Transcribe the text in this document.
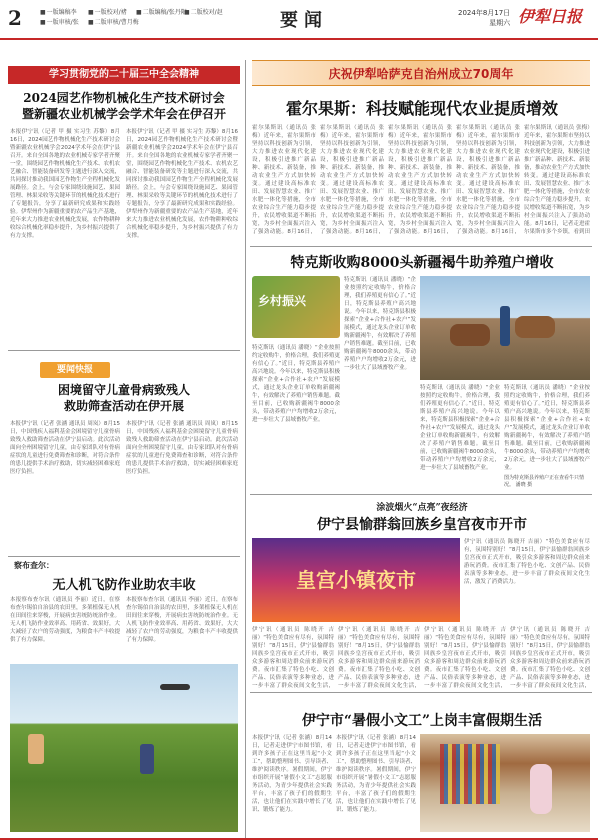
2	■ 一版编稿李	■ 一版校对/褚	■ 二版编稿/张丹阳 ■ 二版校对/赵
■ 一版审核/张	■ 二版审核/曹月梅	要闻	2024年8月17日
星期六 伊犁日报
学习贯彻党的二十届三中全会精神	庆祝伊犁哈萨克自治州成立70周年
2024园艺作物机械化生产技术研讨会
暨新疆农业机械学会学术年会在伊召开
本报伊宁讯（记者 甲 摄 实习生 苏黎）8月16日，2024园艺作物机械化生产技术研讨会暨新疆农业机械学会2024学术年会在伊宁县召开。来自全国各地的农业机械专家学者齐聚一堂，围绕园艺作物机械化生产技术、农机农艺融合、智能装备研发等主题进行深入交流，共同探讨推动我国园艺作物生产全程机械化发展路径。会上，与会专家围绕设施园艺、果园管理、林果采收等关键环节的机械化技术进行了专题报告，分享了最新研究成果和实践经验。伊犁州作为新疆重要的农产品生产基地，近年来大力推进农业机械化发展，农作物耕种收综合机械化率稳步提升，为乡村振兴提供了有力支撑。
本报伊宁讯（记者 甲 摄 实习生 苏黎）8月16日，2024园艺作物机械化生产技术研讨会暨新疆农业机械学会2024学术年会在伊宁县召开。来自全国各地的农业机械专家学者齐聚一堂，围绕园艺作物机械化生产技术、农机农艺融合、智能装备研发等主题进行深入交流，共同探讨推动我国园艺作物生产全程机械化发展路径。会上，与会专家围绕设施园艺、果园管理、林果采收等关键环节的机械化技术进行了专题报告，分享了最新研究成果和实践经验。伊犁州作为新疆重要的农产品生产基地，近年来大力推进农业机械化发展，农作物耕种收综合机械化率稳步提升，为乡村振兴提供了有力支撑。
要闻快报
困境留守儿童骨病致残人
救助筛查活动在伊开展
本报伊宁讯（记者 张涵 通讯员 周岚）8月15日，中国残疾人福利基金会困境留守儿童骨病致残人救助筛查活动在伊宁县启动。此次活动面向全州困境留守儿童，由专家团队对有骨病症状的儿童进行免费筛查和诊断，对符合条件的患儿提供手术治疗救助，切实减轻困难家庭医疗负担。
本报伊宁讯（记者 张涵 通讯员 周岚）8月15日，中国残疾人福利基金会困境留守儿童骨病致残人救助筛查活动在伊宁县启动。此次活动面向全州困境留守儿童，由专家团队对有骨病症状的儿童进行免费筛查和诊断，对符合条件的患儿提供手术治疗救助，切实减轻困难家庭医疗负担。
察布查尔：
无人机飞防作业助农丰收
本报察布查尔讯（通讯员 李丽）近日，在察布查尔锡伯自治县的农田里，多架植保无人机在田间往来穿梭，开展病虫害统防统治作业。无人机飞防作业效率高、用药省、效果好，大大减轻了农户的劳动强度，为粮食丰产丰收提供了有力保障。
本报察布查尔讯（通讯员 李丽）近日，在察布查尔锡伯自治县的农田里，多架植保无人机在田间往来穿梭，开展病虫害统防统治作业。无人机飞防作业效率高、用药省、效果好，大大减轻了农户的劳动强度，为粮食丰产丰收提供了有力保障。
霍尔果斯：科技赋能现代农业提质增效
霍尔果斯讯（通讯员 张梅）近年来，霍尔果斯市坚持以科技创新为引领，大力推进农业现代化建设，积极引进推广新品种、新技术、新装备，推动农业生产方式加快转变。通过建设高标准农田、发展智慧农业、推广水肥一体化等措施，全市农业综合生产能力稳步提升，农民增收渠道不断拓宽，为乡村全面振兴注入了强劲动能。8月16日，
霍尔果斯讯（通讯员 张梅）近年来，霍尔果斯市坚持以科技创新为引领，大力推进农业现代化建设，积极引进推广新品种、新技术、新装备，推动农业生产方式加快转变。通过建设高标准农田、发展智慧农业、推广水肥一体化等措施，全市农业综合生产能力稳步提升，农民增收渠道不断拓宽，为乡村全面振兴注入了强劲动能。8月16日，
霍尔果斯讯（通讯员 张梅）近年来，霍尔果斯市坚持以科技创新为引领，大力推进农业现代化建设，积极引进推广新品种、新技术、新装备，推动农业生产方式加快转变。通过建设高标准农田、发展智慧农业、推广水肥一体化等措施，全市农业综合生产能力稳步提升，农民增收渠道不断拓宽，为乡村全面振兴注入了强劲动能。8月16日，
霍尔果斯讯（通讯员 张梅）近年来，霍尔果斯市坚持以科技创新为引领，大力推进农业现代化建设，积极引进推广新品种、新技术、新装备，推动农业生产方式加快转变。通过建设高标准农田、发展智慧农业、推广水肥一体化等措施，全市农业综合生产能力稳步提升，农民增收渠道不断拓宽，为乡村全面振兴注入了强劲动能。8月16日，
霍尔果斯讯（通讯员 张梅）近年来，霍尔果斯市坚持以科技创新为引领，大力推进农业现代化建设，积极引进推广新品种、新技术、新装备，推动农业生产方式加快转变。通过建设高标准农田、发展智慧农业、推广水肥一体化等措施，全市农业综合生产能力稳步提升，农民增收渠道不断拓宽，为乡村全面振兴注入了强劲动能。8月16日，记者走进霍尔果斯市多个乡镇，看到田
特克斯收购8000头新疆褐牛助养殖户增收
乡村振兴
特克斯讯（通讯员 潘晓）“企业按照约定收购牛，价格合理，我们养殖更有信心了。”近日，特克斯县养殖户高兴地说。今年以来，特克斯县积极探索“企业+合作社+农户”发展模式，通过龙头企业订单收购新疆褐牛，有效解决了养殖户销售难题。截至目前，已收购新疆褐牛8000余头，带动养殖户户均增收2万余元，进一步壮大了县域畜牧产业。
特克斯讯（通讯员 潘晓）“企业按照约定收购牛，价格合理，我们养殖更有信心了。”近日，特克斯县养殖户高兴地说。今年以来，特克斯县积极探索“企业+合作社+农户”发展模式，通过龙头企业订单收购新疆褐牛，有效解决了养殖户销售难题。截至目前，已收购新疆褐牛8000余头，带动养殖户户均增收2万余元，进一步壮大了县域畜牧产业。
特克斯讯（通讯员 潘晓）“企业按照约定收购牛，价格合理，我们养殖更有信心了。”近日，特克斯县养殖户高兴地说。今年以来，特克斯县积极探索“企业+合作社+农户”发展模式，通过龙头企业订单收购新疆褐牛，有效解决了养殖户销售难题。截至目前，已收购新疆褐牛8000余头，带动养殖户户均增收2万余元，进一步壮大了县域畜牧产业。
特克斯讯（通讯员 潘晓）“企业按照约定收购牛，价格合理，我们养殖更有信心了。”近日，特克斯县养殖户高兴地说。今年以来，特克斯县积极探索“企业+合作社+农户”发展模式，通过龙头企业订单收购新疆褐牛，有效解决了养殖户销售难题。截至目前，已收购新疆褐牛8000余头，带动养殖户户均增收2万余元，进一步壮大了县域畜牧产业。
图为特克斯县养殖户正在查看牛只情况。 潘晓 摄
涂波烟火“点亮”夜经济
伊宁县愉群翁回族乡皇宫夜市开市
皇宫小镇夜市
伊宁讯（通讯员 陈晓开 吉丽）“特色美食应有尽有，氛围特别好！”8月15日，伊宁县愉群翁回族乡皇宫夜市正式开市，吸引众多游客和周边群众前来游玩消费。夜市汇集了特色小吃、文创产品、民俗表演等多种业态，进一步丰富了群众夜间文化生活，激发了消费活力。
伊宁讯（通讯员 陈晓开 吉丽）“特色美食应有尽有，氛围特别好！”8月15日，伊宁县愉群翁回族乡皇宫夜市正式开市，吸引众多游客和周边群众前来游玩消费。夜市汇集了特色小吃、文创产品、民俗表演等多种业态，进一步丰富了群众夜间文化生活，
伊宁讯（通讯员 陈晓开 吉丽）“特色美食应有尽有，氛围特别好！”8月15日，伊宁县愉群翁回族乡皇宫夜市正式开市，吸引众多游客和周边群众前来游玩消费。夜市汇集了特色小吃、文创产品、民俗表演等多种业态，进一步丰富了群众夜间文化生活，
伊宁讯（通讯员 陈晓开 吉丽）“特色美食应有尽有，氛围特别好！”8月15日，伊宁县愉群翁回族乡皇宫夜市正式开市，吸引众多游客和周边群众前来游玩消费。夜市汇集了特色小吃、文创产品、民俗表演等多种业态，进一步丰富了群众夜间文化生活，
伊宁讯（通讯员 陈晓开 吉丽）“特色美食应有尽有，氛围特别好！”8月15日，伊宁县愉群翁回族乡皇宫夜市正式开市，吸引众多游客和周边群众前来游玩消费。夜市汇集了特色小吃、文创产品、民俗表演等多种业态，进一步丰富了群众夜间文化生活，
伊宁市“暑假小文工”上岗丰富假期生活
本报伊宁讯（记者 张涵）8月14日，记者走进伊宁市图书馆，看到许多孩子正在这里当起“小文工”，帮助整理图书、引导读者、维护阅读秩序。暑假期间，伊宁市组织开展“暑假小文工”志愿服务活动，为青少年提供社会实践平台，丰富了孩子们的假期生活，也让他们在实践中增长了见识、锻炼了能力。
本报伊宁讯（记者 张涵）8月14日，记者走进伊宁市图书馆，看到许多孩子正在这里当起“小文工”，帮助整理图书、引导读者、维护阅读秩序。暑假期间，伊宁市组织开展“暑假小文工”志愿服务活动，为青少年提供社会实践平台，丰富了孩子们的假期生活，也让他们在实践中增长了见识、锻炼了能力。
